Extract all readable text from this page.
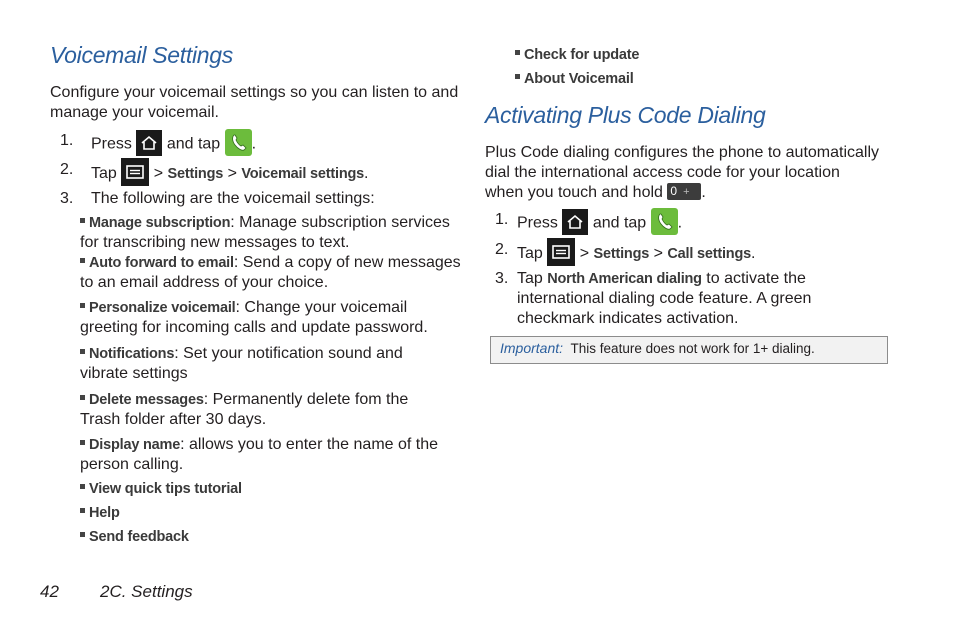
Voicemail Settings

Configure your voicemail settings so you can listen to and manage your voicemail.

1. Press and tap .
2. Tap > Settings > Voicemail settings.
3. The following are the voicemail settings:
Manage subscription: Manage subscription services for transcribing new messages to text.
Auto forward to email: Send a copy of new messages to an email address of your choice.
Personalize voicemail: Change your voicemail greeting for incoming calls and update password.
Notifications: Set your notification sound and vibrate settings
Delete messages: Permanently delete fom the Trash folder after 30 days.
Display name: allows you to enter the name of the person calling.
View quick tips tutorial
Help
Send feedback
Check for update
About Voicemail
Activating Plus Code Dialing

Plus Code dialing configures the phone to automatically dial the international access code for your location when you touch and hold 0 + .

1. Press and tap .
2. Tap > Settings > Call settings.
3. Tap North American dialing to activate the international dialing code feature. A green checkmark indicates activation.
Important: This feature does not work for 1+ dialing.
42 2C. Settings
